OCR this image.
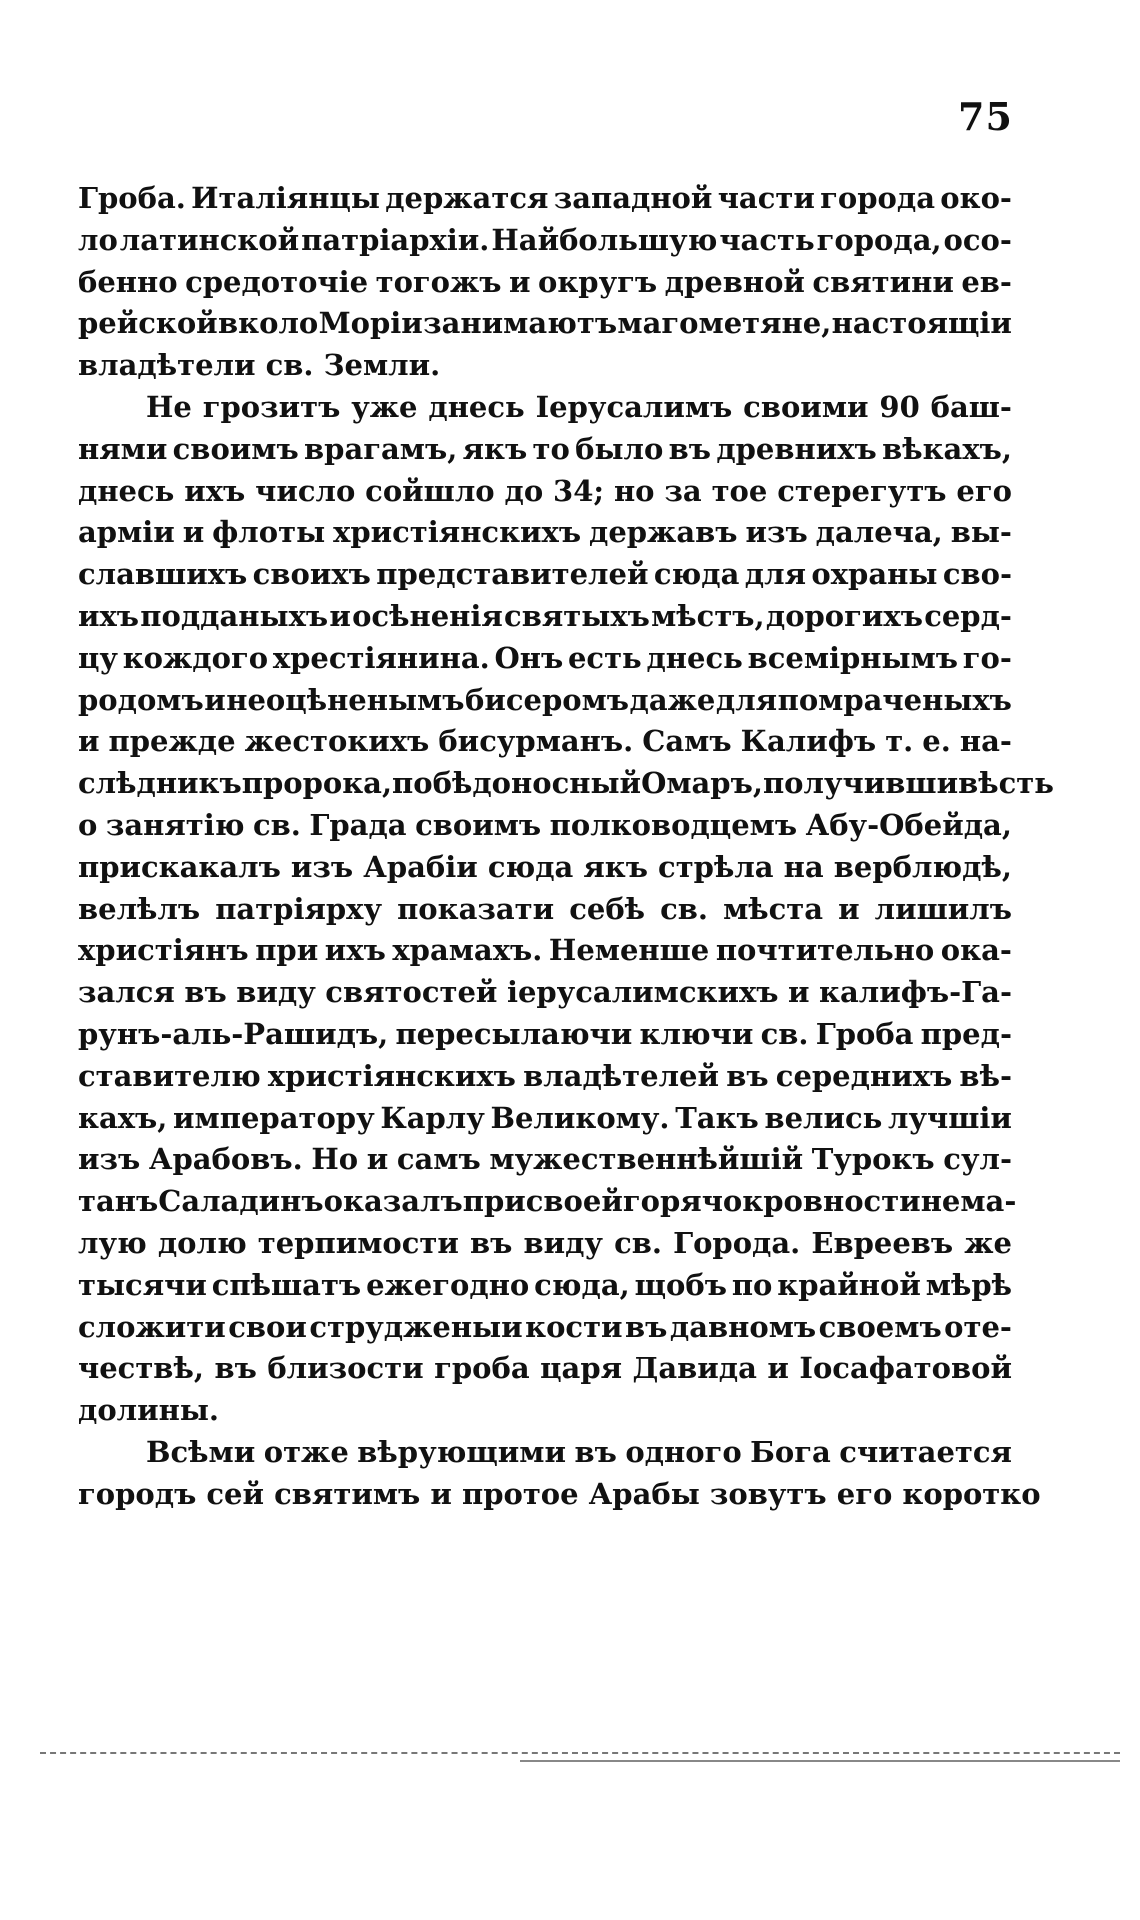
75
Гроба. Италіянцы держатся западной части города око-
ло латинской патріархіи. Найбольшую часть города, осо-
бенно средоточіе тогожъ и округъ древной святини ев-
рейской вколо Моріи занимаютъ магометяне, настоящіи
владѣтели св. Земли.
Не грозитъ уже днесь Іерусалимъ своими 90 баш-
нями своимъ врагамъ, якъ то было въ древнихъ вѣкахъ,
днесь ихъ число сойшло до 34; но за тое стерегутъ его
арміи и флоты христіянскихъ державъ изъ далеча, вы-
славшихъ своихъ представителей сюда для охраны сво-
ихъ подданыхъ и осѣненія святыхъ мѣстъ, дорогихъ серд-
цу кождого хрестіянина. Онъ есть днесь всемірнымъ го-
родомъ и неоцѣненымъ бисеромъ даже для помраченыхъ
и прежде жестокихъ бисурманъ. Самъ Калифъ т. е. на-
слѣдникъ пророка, побѣдоносный Омаръ, получивши вѣсть
о занятію св. Града своимъ полководцемъ Абу-Обейда,
прискакалъ изъ Арабіи сюда якъ стрѣла на верблюдѣ,
велѣлъ патріярху показати себѣ св. мѣста и лишилъ
христіянъ при ихъ храмахъ. Неменше почтительно ока-
зался въ виду святостей іерусалимскихъ и калифъ-Га-
рунъ-аль-Рашидъ, пересылаючи ключи св. Гроба пред-
ставителю христіянскихъ владѣтелей въ середнихъ вѣ-
кахъ, императору Карлу Великому. Такъ велись лучшіи
изъ Арабовъ. Но и самъ мужественнѣйшій Турокъ сул-
танъ Саладинъ оказалъ при своей горячокровности нема-
лую долю терпимости въ виду св. Города. Евреевъ же
тысячи спѣшатъ ежегодно сюда, щобъ по крайной мѣрѣ
сложити свои струдженыи кости въ давномъ своемъ оте-
чествѣ, въ близости гроба царя Давида и Іосафатовой
долины.
Всѣми отже вѣрующими въ одного Бога считается
городъ сей святимъ и протое Арабы зовутъ его коротко
